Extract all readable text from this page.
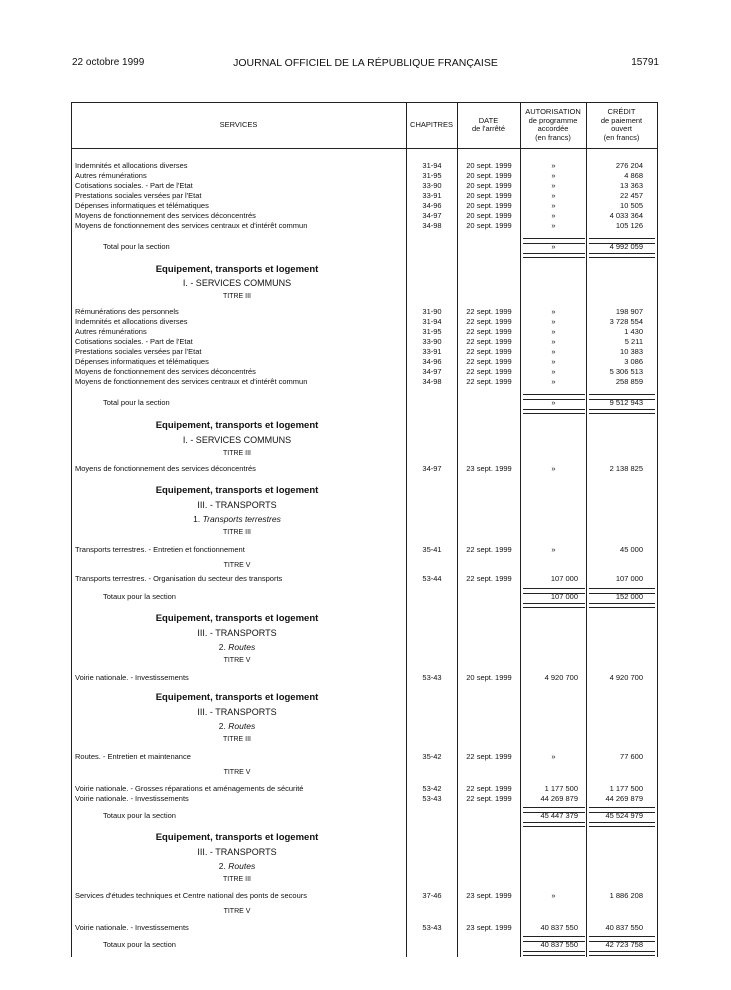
22 octobre 1999	JOURNAL OFFICIEL DE LA RÉPUBLIQUE FRANÇAISE	15791
SERVICES	CHAPITRES	DATE
de l'arrêté
AUTORISATION
de programme
accordée
(en francs)
CRÉDIT
de paiement
ouvert
(en francs)
Indemnités et allocations diverses	31-94	20 sept. 1999	»	276 204
Autres rémunérations	31-95	20 sept. 1999	»	4 868
Cotisations sociales. - Part de l'Etat	33-90	20 sept. 1999	»	13 363
Prestations sociales versées par l'Etat	33-91	20 sept. 1999	»	22 457
Dépenses informatiques et télématiques	34-96	20 sept. 1999	»	10 505
Moyens de fonctionnement des services déconcentrés	34-97	20 sept. 1999	»	4 033 364
Moyens de fonctionnement des services centraux et d'intérêt commun	34-98	20 sept. 1999	»	105 126
Total pour la section	»	4 992 059
Equipement, transports et logement
I. - SERVICES COMMUNS
TITRE III
Rémunérations des personnels	31-90	22 sept. 1999	»	198 907
Indemnités et allocations diverses	31-94	22 sept. 1999	»	3 728 554
Autres rémunérations	31-95	22 sept. 1999	»	1 430
Cotisations sociales. - Part de l'Etat	33-90	22 sept. 1999	»	5 211
Prestations sociales versées par l'Etat	33-91	22 sept. 1999	»	10 383
Dépenses informatiques et télématiques	34-96	22 sept. 1999	»	3 086
Moyens de fonctionnement des services déconcentrés	34-97	22 sept. 1999	»	5 306 513
Moyens de fonctionnement des services centraux et d'intérêt commun	34-98	22 sept. 1999	»	258 859
Total pour la section	»	9 512 943
Equipement, transports et logement
I. - SERVICES COMMUNS
TITRE III
Moyens de fonctionnement des services déconcentrés	34-97	23 sept. 1999	»	2 138 825
Equipement, transports et logement
III. - TRANSPORTS
1. Transports terrestres
TITRE III
Transports terrestres. - Entretien et fonctionnement	35-41	22 sept. 1999	»	45 000
TITRE V
Transports terrestres. - Organisation du secteur des transports	53-44	22 sept. 1999	107 000	107 000
Totaux pour la section	107 000	152 000
Equipement, transports et logement
III. - TRANSPORTS
2. Routes
TITRE V
Voirie nationale. - Investissements	53-43	20 sept. 1999	4 920 700	4 920 700
Equipement, transports et logement
III. - TRANSPORTS
2. Routes
TITRE III
Routes. - Entretien et maintenance	35-42	22 sept. 1999	»	77 600
TITRE V
Voirie nationale. - Grosses réparations et aménagements de sécurité	53-42	22 sept. 1999	1 177 500	1 177 500
Voirie nationale. - Investissements	53-43	22 sept. 1999	44 269 879	44 269 879
Totaux pour la section	45 447 379	45 524 979
Equipement, transports et logement
III. - TRANSPORTS
2. Routes
TITRE III
Services d'études techniques et Centre national des ponts de secours	37-46	23 sept. 1999	»	1 886 208
TITRE V
Voirie nationale. - Investissements	53-43	23 sept. 1999	40 837 550	40 837 550
Totaux pour la section	40 837 550	42 723 758
